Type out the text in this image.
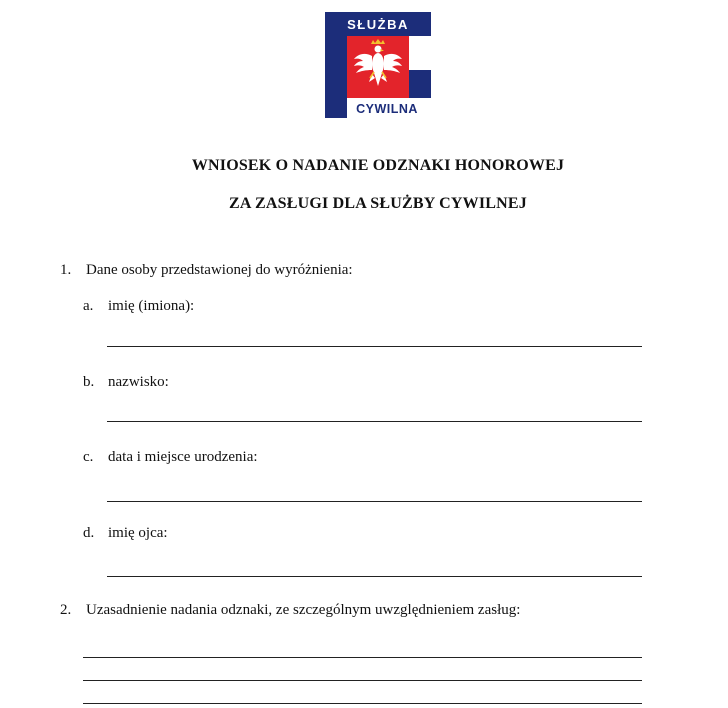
SŁUŻBA
CYWILNA
WNIOSEK O NADANIE ODZNAKI HONOROWEJ
ZA ZASŁUGI DLA SŁUŻBY CYWILNEJ
1. Dane osoby przedstawionej do wyróżnienia:
a. imię (imiona):
b. nazwisko:
c. data i miejsce urodzenia:
d. imię ojca:
2. Uzasadnienie nadania odznaki, ze szczególnym uwzględnieniem zasług:
